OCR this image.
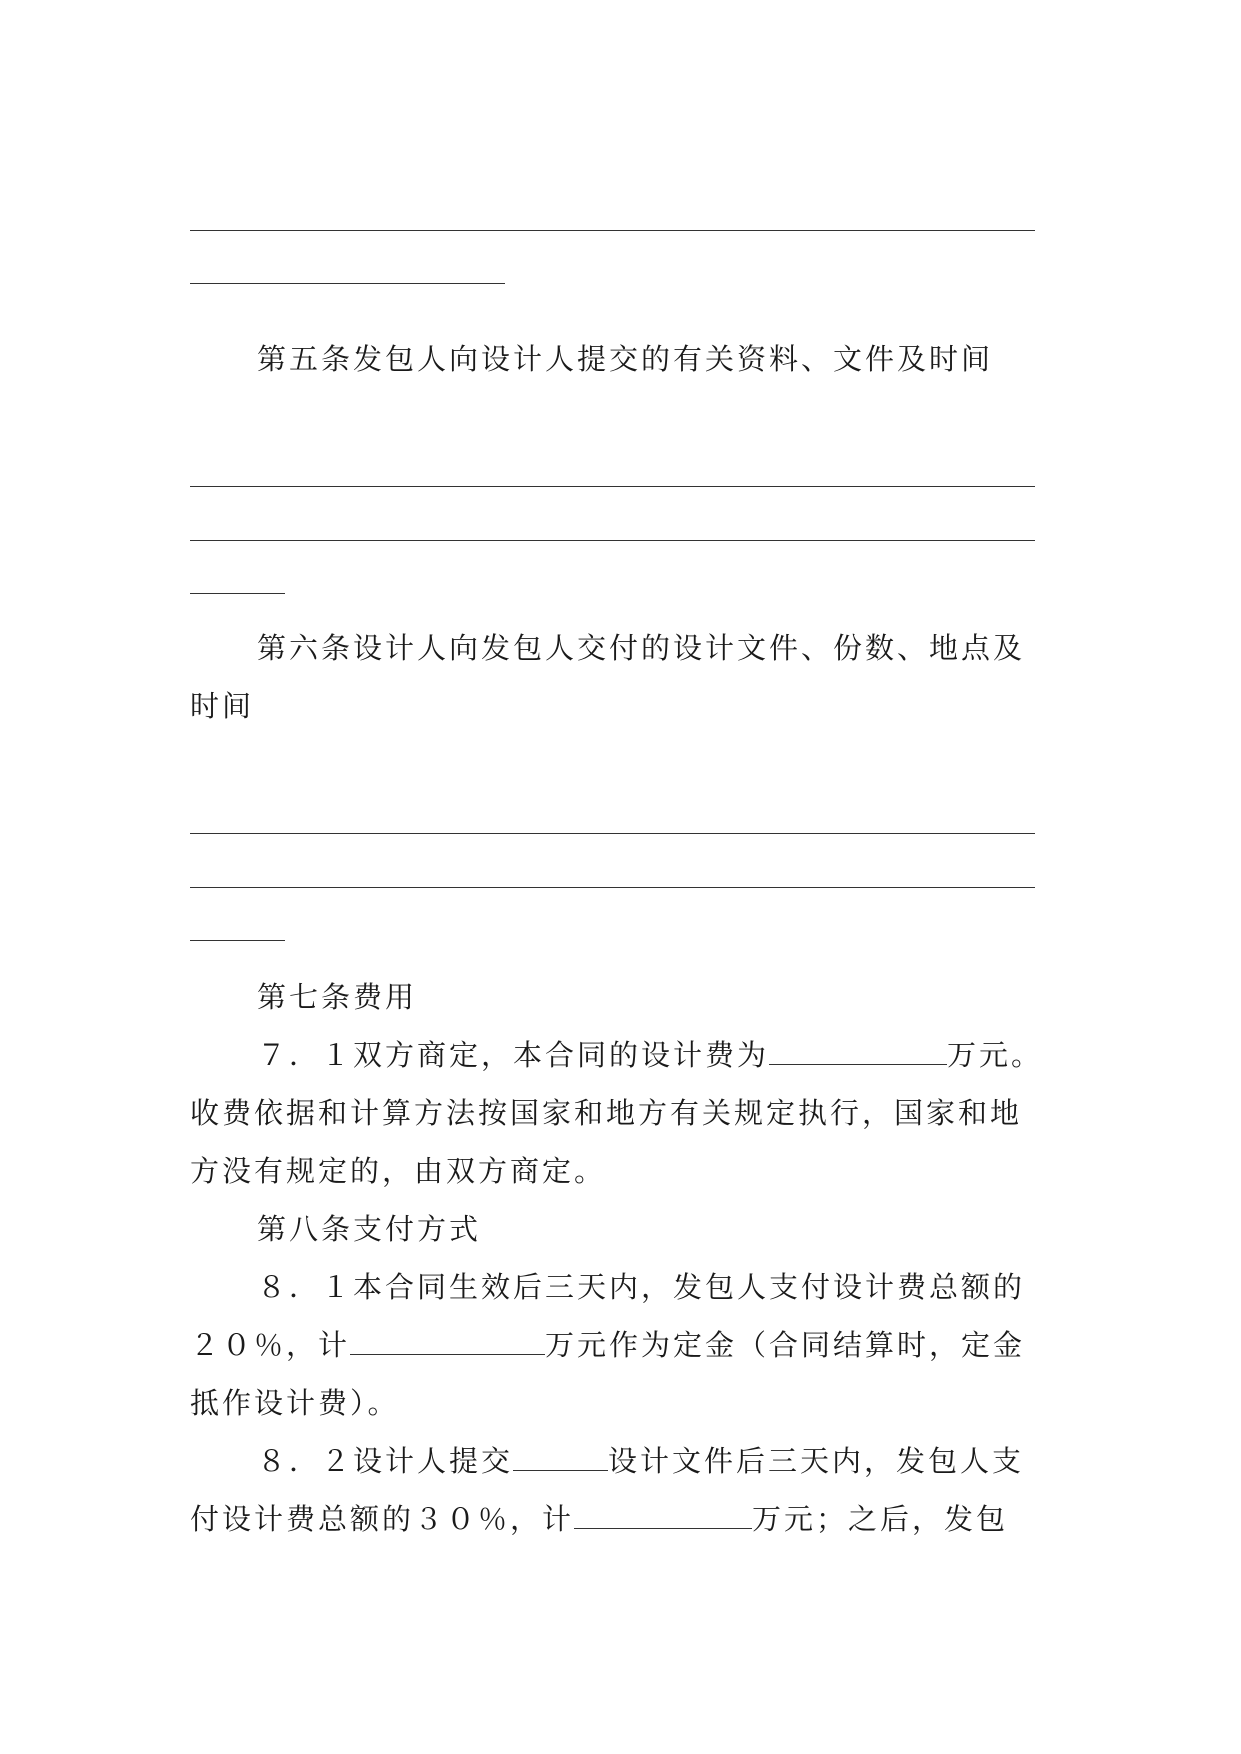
第五条发包人向设计人提交的有关资料、文件及时间
第六条设计人向发包人交付的设计文件、份数、地点及
时间
第七条费用
７．１双方商定，本合同的设计费为	万元。
收费依据和计算方法按国家和地方有关规定执行，国家和地
方没有规定的，由双方商定。
第八条支付方式
８．１本合同生效后三天内，发包人支付设计费总额的
２０％，计	万元作为定金（合同结算时，定金
抵作设计费）。
８．２设计人提交	设计文件后三天内，发包人支
付设计费总额的３０％，计	万元；之后，发包
